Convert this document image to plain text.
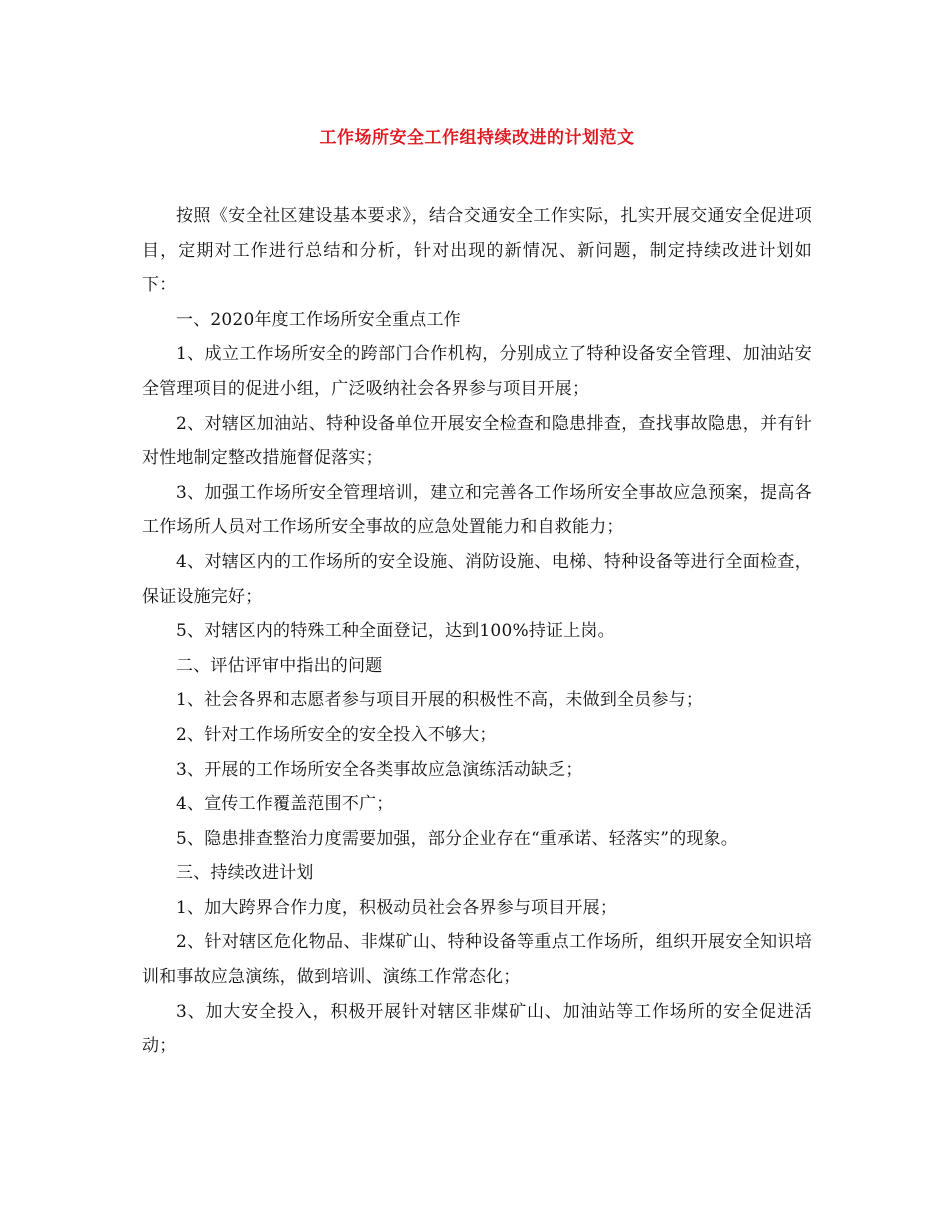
工作场所安全工作组持续改进的计划范文

按照《安全社区建设基本要求》，结合交通安全工作实际，扎实开展交通安全促进项目，定期对工作进行总结和分析，针对出现的新情况、新问题，制定持续改进计划如下：

一、2020年度工作场所安全重点工作

1、成立工作场所安全的跨部门合作机构，分别成立了特种设备安全管理、加油站安全管理项目的促进小组，广泛吸纳社会各界参与项目开展；

2、对辖区加油站、特种设备单位开展安全检查和隐患排查，查找事故隐患，并有针对性地制定整改措施督促落实；

3、加强工作场所安全管理培训，建立和完善各工作场所安全事故应急预案，提高各工作场所人员对工作场所安全事故的应急处置能力和自救能力；

4、对辖区内的工作场所的安全设施、消防设施、电梯、特种设备等进行全面检查，保证设施完好；

5、对辖区内的特殊工种全面登记，达到100%持证上岗。

二、评估评审中指出的问题

1、社会各界和志愿者参与项目开展的积极性不高，未做到全员参与；

2、针对工作场所安全的安全投入不够大；

3、开展的工作场所安全各类事故应急演练活动缺乏；

4、宣传工作覆盖范围不广；

5、隐患排查整治力度需要加强，部分企业存在“重承诺、轻落实”的现象。

三、持续改进计划

1、加大跨界合作力度，积极动员社会各界参与项目开展；

2、针对辖区危化物品、非煤矿山、特种设备等重点工作场所，组织开展安全知识培训和事故应急演练，做到培训、演练工作常态化；

3、加大安全投入，积极开展针对辖区非煤矿山、加油站等工作场所的安全促进活动；
